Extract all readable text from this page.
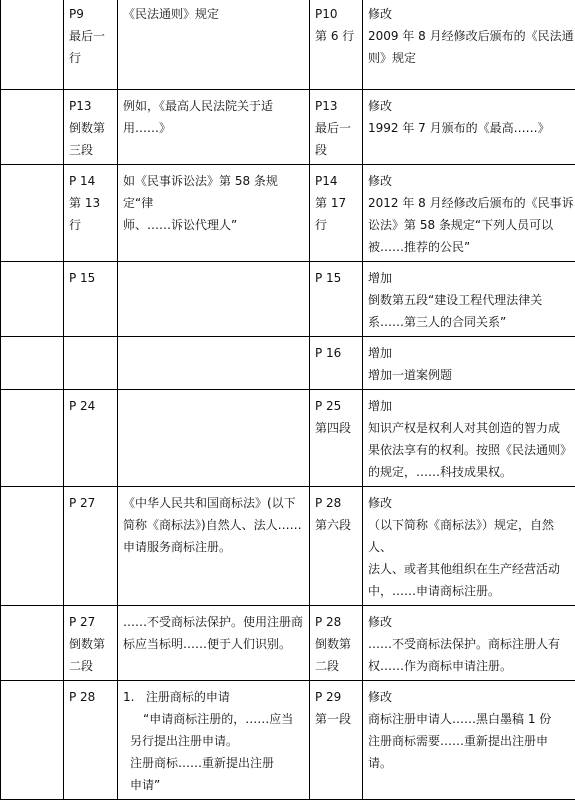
	P9
最后一
行	《民法通则》规定	P10
第 6 行	修改
2009 年 8 月经修改后颁布的《民法通
则》规定

	P13
倒数第
三段	例如，《最高人民法院关于适
用……》	P13
最后一
段	修改
1992 年 7 月颁布的《最高……》

	P 14
第 13
行	如《民事诉讼法》第 58 条规定“律
师、……诉讼代理人”	P14
第 17 行	修改
2012 年 8 月经修改后颁布的《民事诉
讼法》第 58 条规定“下列人员可以
被……推荐的公民”

	P 15		P 15	增加
倒数第五段“建设工程代理法律关
系……第三人的合同关系”

			P 16	增加
增加一道案例题

	P 24		P 25
第四段	增加
知识产权是权利人对其创造的智力成
果依法享有的权利。按照《民法通则》
的规定，……科技成果权。

	P 27	《中华人民共和国商标法》(以下
简称《商标法》)自然人、法人……
申请服务商标注册。	P 28
第六段	修改
（以下简称《商标法》）规定，自然人、
法人、或者其他组织在生产经营活动
中，……申请商标注册。

	P 27
倒数第
二段	……不受商标法保护。使用注册商
标应当标明……便于人们识别。	P 28
倒数第
二段	修改
……不受商标法保护。商标注册人有
权……作为商标申请注册。

	P 28	1.   注册商标的申请
“申请商标注册的，……应当
另行提出注册申请。
注册商标……重新提出注册
申请”	P 29
第一段	修改
商标注册申请人……黑白墨稿 1 份
注册商标需要……重新提出注册申
请。
